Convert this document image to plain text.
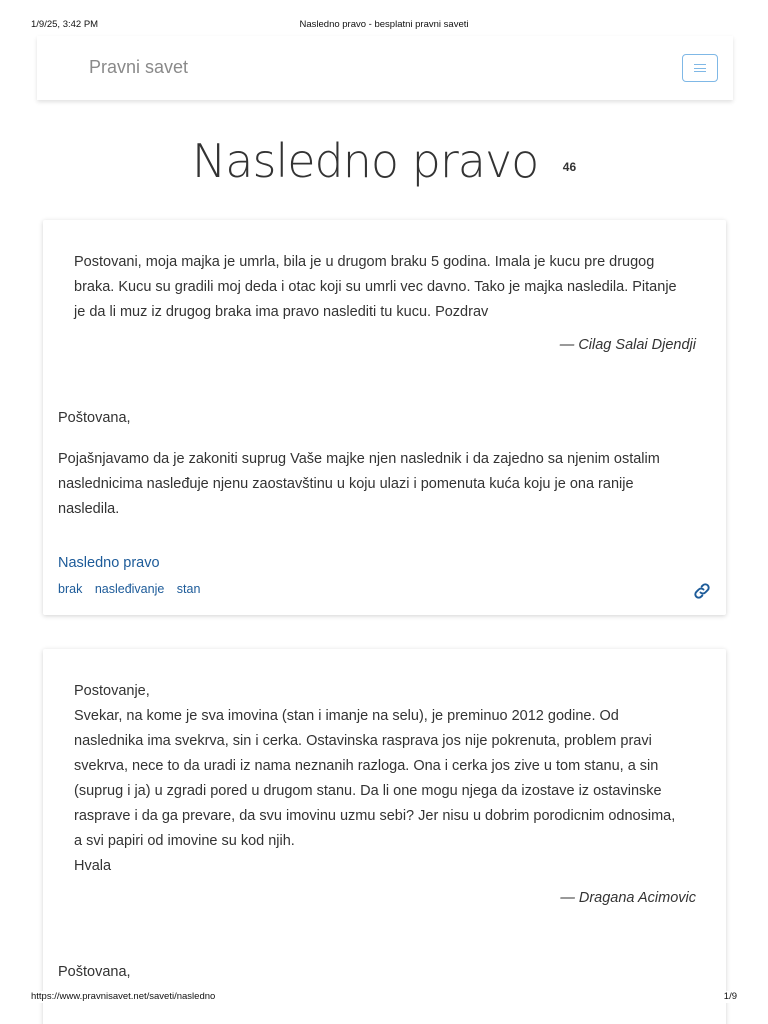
1/9/25, 3:42 PM	Nasledno pravo - besplatni pravni saveti
Pravni savet
Nasledno pravo $^{46}$
Postovani, moja majka je umrla, bila je u drugom braku 5 godina. Imala je kucu pre drugog
braka. Kucu su gradili moj deda i otac koji su umrli vec davno. Tako je majka nasledila. Pitanje
je da li muz iz drugog braka ima pravo naslediti tu kucu. Pozdrav
— Cilag Salai Djendji
Poštovana,
Pojašnjavamo da je zakoniti suprug Vaše majke njen naslednik i da zajedno sa njenim ostalim
naslednicima nasleđuje njenu zaostavštinu u koju ulazi i pomenuta kuća koju je ona ranije
nasledila.
Nasledno pravo
brak nasleđivanje stan
Postovanje,
Svekar, na kome je sva imovina (stan i imanje na selu), je preminuo 2012 godine. Od
naslednika ima svekrva, sin i cerka. Ostavinska rasprava jos nije pokrenuta, problem pravi
svekrva, nece to da uradi iz nama neznanih razloga. Ona i cerka jos zive u tom stanu, a sin
(suprug i ja) u zgradi pored u drugom stanu. Da li one mogu njega da izostave iz ostavinske
rasprave i da ga prevare, da svu imovinu uzmu sebi? Jer nisu u dobrim porodicnim odnosima,
a svi papiri od imovine su kod njih.
Hvala
— Dragana Acimovic
Poštovana,
https://www.pravnisavet.net/saveti/nasledno	1/9
